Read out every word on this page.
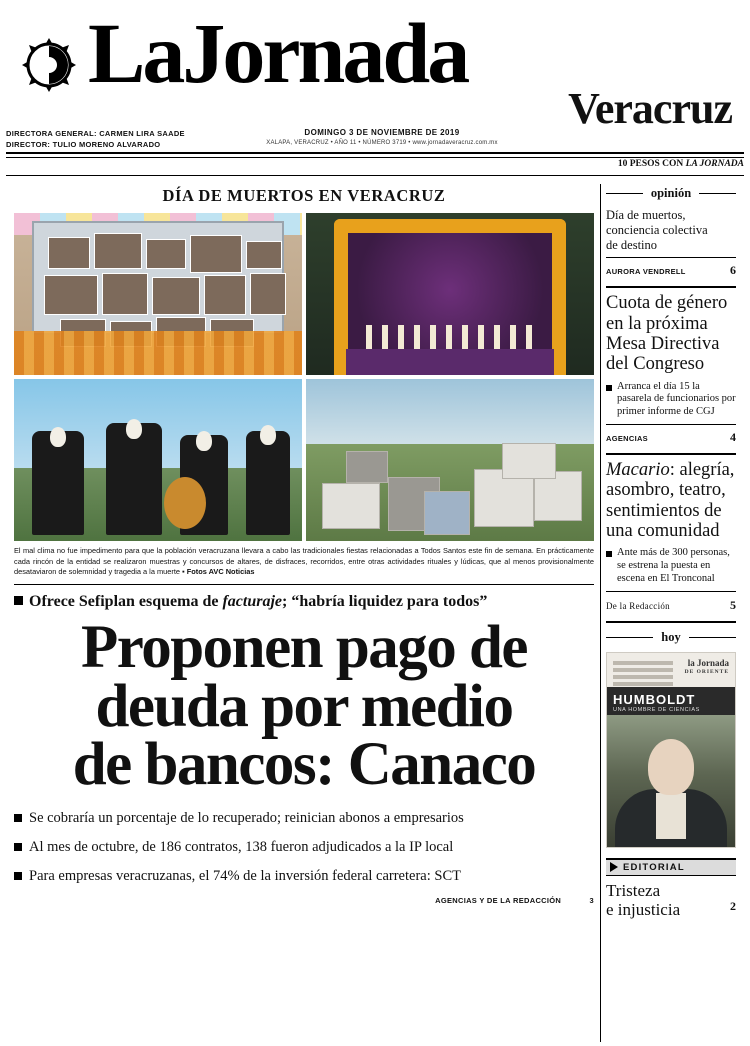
LaJornada
Veracruz
DIRECTORA GENERAL: CARMEN LIRA SAADE
DIRECTOR: TULIO MORENO ALVARADO
DOMINGO 3 DE NOVIEMBRE DE 2019
XALAPA, VERACRUZ • AÑO 11 • NÚMERO 3719 • www.jornadaveracruz.com.mx
10 PESOS CON LA JORNADA
DÍA DE MUERTOS EN VERACRUZ
El mal clima no fue impedimento para que la población veracruzana llevara a cabo las tradicionales fiestas relacionadas a Todos Santos este fin de semana. En prácticamente cada rincón de la entidad se realizaron muestras y concursos de altares, de disfraces, recorridos, entre otras actividades rituales y lúdicas, que al menos provisionalmente desataviaron de solemnidad y tragedia a la muerte ▪ Fotos AVC Noticias
Ofrece Sefiplan esquema de facturaje; “habría liquidez para todos”
Proponen pago de
deuda por medio
de bancos: Canaco
Se cobraría un porcentaje de lo recuperado; reinician abonos a empresarios
Al mes de octubre, de 186 contratos, 138 fueron adjudicados a la IP local
Para empresas veracruzanas, el 74% de la inversión federal carretera: SCT
AGENCIAS Y DE LA REDACCIÓN	3
opinión
Día de muertos,
conciencia colectiva
de destino
AURORA VENDRELL	6
Cuota de género
en la próxima
Mesa Directiva
del Congreso
Arranca el día 15 la pasarela de funcionarios por primer informe de CGJ
AGENCIAS	4
Macario: alegría,
asombro, teatro,
sentimientos de
una comunidad
Ante más de 300 personas, se estrena la puesta en escena en El Tronconal
De la Redacción	5
hoy
la Jornada
DE ORIENTE
HUMBOLDT
UNA HOMBRE DE CIENCIAS
EDITORIAL
Tristeza
e injusticia	2
